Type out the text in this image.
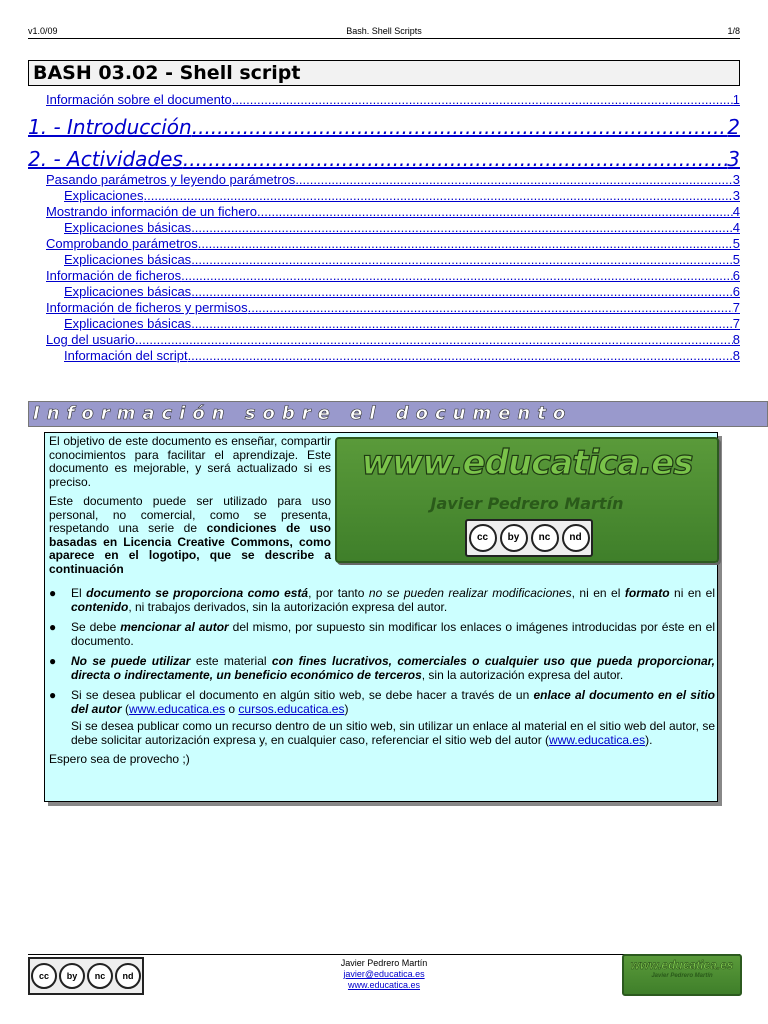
v1.0/09	Bash. Shell Scripts	1/8
BASH 03.02 - Shell script
Información sobre el documento .....	1
1. - Introducción .....	2
2. - Actividades .....	3
Pasando parámetros y leyendo parámetros .....	3
Explicaciones .....	3
Mostrando información de un fichero .....	4
Explicaciones básicas .....	4
Comprobando parámetros .....	5
Explicaciones básicas .....	5
Información de ficheros .....	6
Explicaciones básicas .....	6
Información de ficheros y permisos .....	7
Explicaciones básicas .....	7
Log del usuario .....	8
Información del script .....	8
Información sobre el documento

El objetivo de este documento es enseñar, compartir conocimientos para facilitar el aprendizaje. Este documento es mejorable, y será actualizado si es preciso.

Este documento puede ser utilizado para uso personal, no comercial, como se presenta, respetando una serie de condiciones de uso basadas en Licencia Creative Commons, como aparece en el logotipo, que se describe a continuación

www.educatica.es
Javier Pedrero Martín
cc	by	nc	nd
● El documento se proporciona como está, por tanto no se pueden realizar modificaciones, ni en el formato ni en el contenido, ni trabajos derivados, sin la autorización expresa del autor.
● Se debe mencionar al autor del mismo, por supuesto sin modificar los enlaces o imágenes introducidas por éste en el documento.
● No se puede utilizar este material con fines lucrativos, comerciales o cualquier uso que pueda proporcionar, directa o indirectamente, un beneficio económico de terceros, sin la autorización expresa del autor.
● Si se desea publicar el documento en algún sitio web, se debe hacer a través de un enlace al documento en el sitio del autor (www.educatica.es o cursos.educatica.es)

Si se desea publicar como un recurso dentro de un sitio web, sin utilizar un enlace al material en el sitio web del autor, se debe solicitar autorización expresa y, en cualquier caso, referenciar el sitio web del autor (www.educatica.es).

Espero sea de provecho ;)

cc	by	nc	nd
Javier Pedrero Martín
javier@educatica.es
www.educatica.es
www.educatica.es
Javier Pedrero Martín
